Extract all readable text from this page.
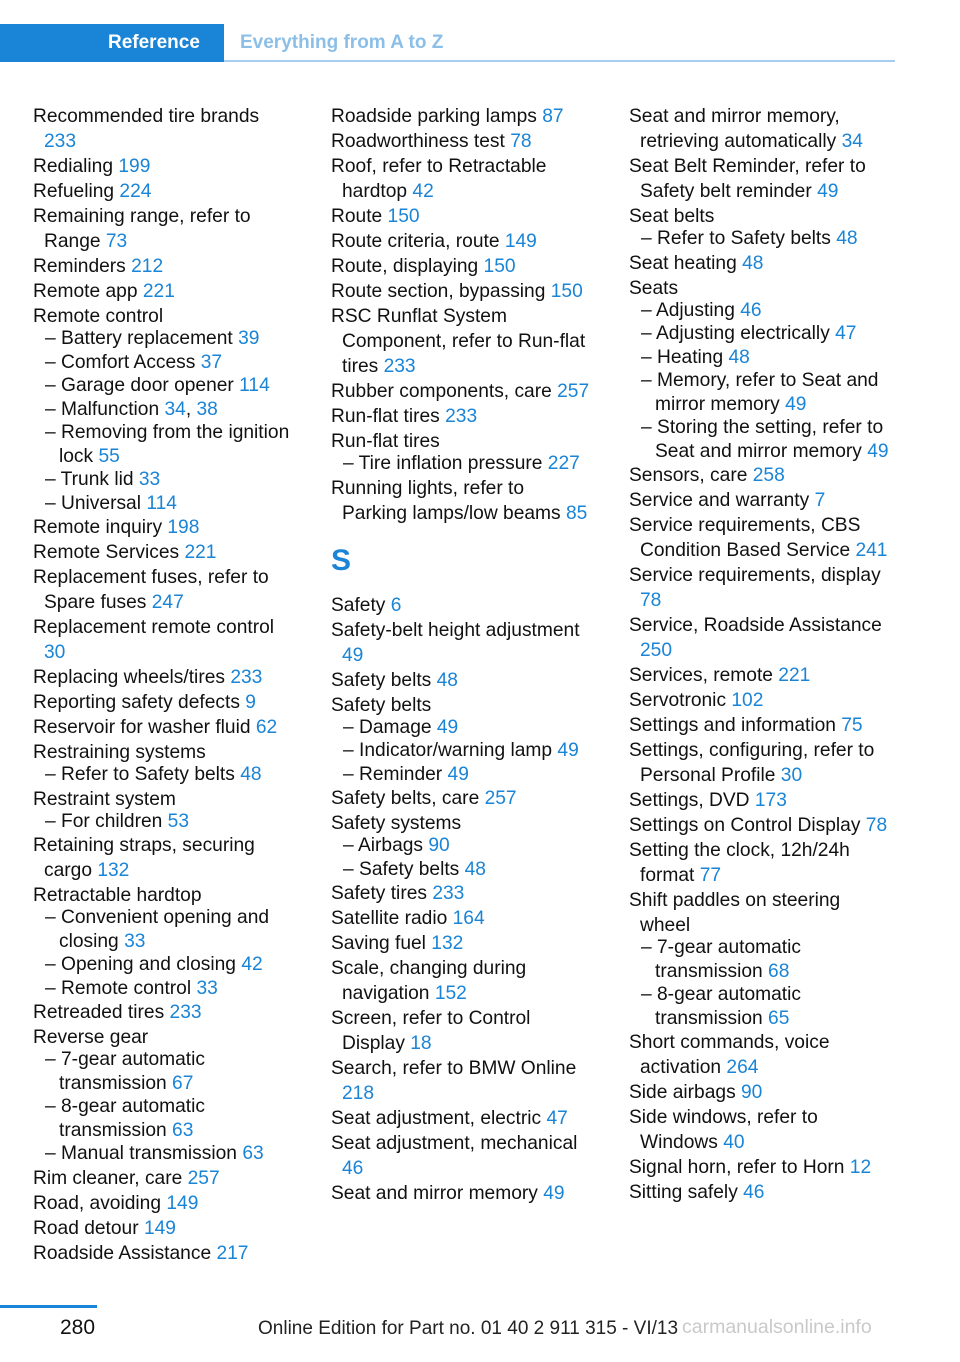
Reference	Everything from A to Z
Recommended tire brands 233
Redialing 199
Refueling 224
Remaining range, refer to Range 73
Reminders 212
Remote app 221
Remote control
– Battery replacement 39
– Comfort Access 37
– Garage door opener 114
– Malfunction 34, 38
– Removing from the ignition lock 55
– Trunk lid 33
– Universal 114
Remote inquiry 198
Remote Services 221
Replacement fuses, refer to Spare fuses 247
Replacement remote control 30
Replacing wheels/tires 233
Reporting safety defects 9
Reservoir for washer fluid 62
Restraining systems
– Refer to Safety belts 48
Restraint system
– For children 53
Retaining straps, securing cargo 132
Retractable hardtop
– Convenient opening and closing 33
– Opening and closing 42
– Remote control 33
Retreaded tires 233
Reverse gear
– 7-gear automatic transmission 67
– 8-gear automatic transmission 63
– Manual transmission 63
Rim cleaner, care 257
Road, avoiding 149
Road detour 149
Roadside Assistance 217
Roadside parking lamps 87
Roadworthiness test 78
Roof, refer to Retractable hardtop 42
Route 150
Route criteria, route 149
Route, displaying 150
Route section, bypassing 150
RSC Runflat System Component, refer to Run-flat tires 233
Rubber components, care 257
Run-flat tires 233
Run-flat tires
– Tire inflation pressure 227
Running lights, refer to Parking lamps/low beams 85
S
Safety 6
Safety-belt height adjustment 49
Safety belts 48
Safety belts
– Damage 49
– Indicator/warning lamp 49
– Reminder 49
Safety belts, care 257
Safety systems
– Airbags 90
– Safety belts 48
Safety tires 233
Satellite radio 164
Saving fuel 132
Scale, changing during navigation 152
Screen, refer to Control Display 18
Search, refer to BMW Online 218
Seat adjustment, electric 47
Seat adjustment, mechanical 46
Seat and mirror memory 49
Seat and mirror memory, retrieving automatically 34
Seat Belt Reminder, refer to Safety belt reminder 49
Seat belts
– Refer to Safety belts 48
Seat heating 48
Seats
– Adjusting 46
– Adjusting electrically 47
– Heating 48
– Memory, refer to Seat and mirror memory 49
– Storing the setting, refer to Seat and mirror memory 49
Sensors, care 258
Service and warranty 7
Service requirements, CBS Condition Based Service 241
Service requirements, display 78
Service, Roadside Assistance 250
Services, remote 221
Servotronic 102
Settings and information 75
Settings, configuring, refer to Personal Profile 30
Settings, DVD 173
Settings on Control Display 78
Setting the clock, 12h/24h format 77
Shift paddles on steering wheel
– 7-gear automatic transmission 68
– 8-gear automatic transmission 65
Short commands, voice activation 264
Side airbags 90
Side windows, refer to Windows 40
Signal horn, refer to Horn 12
Sitting safely 46
280	Online Edition for Part no. 01 40 2 911 315 - VI/13 carmanualsonline.info
